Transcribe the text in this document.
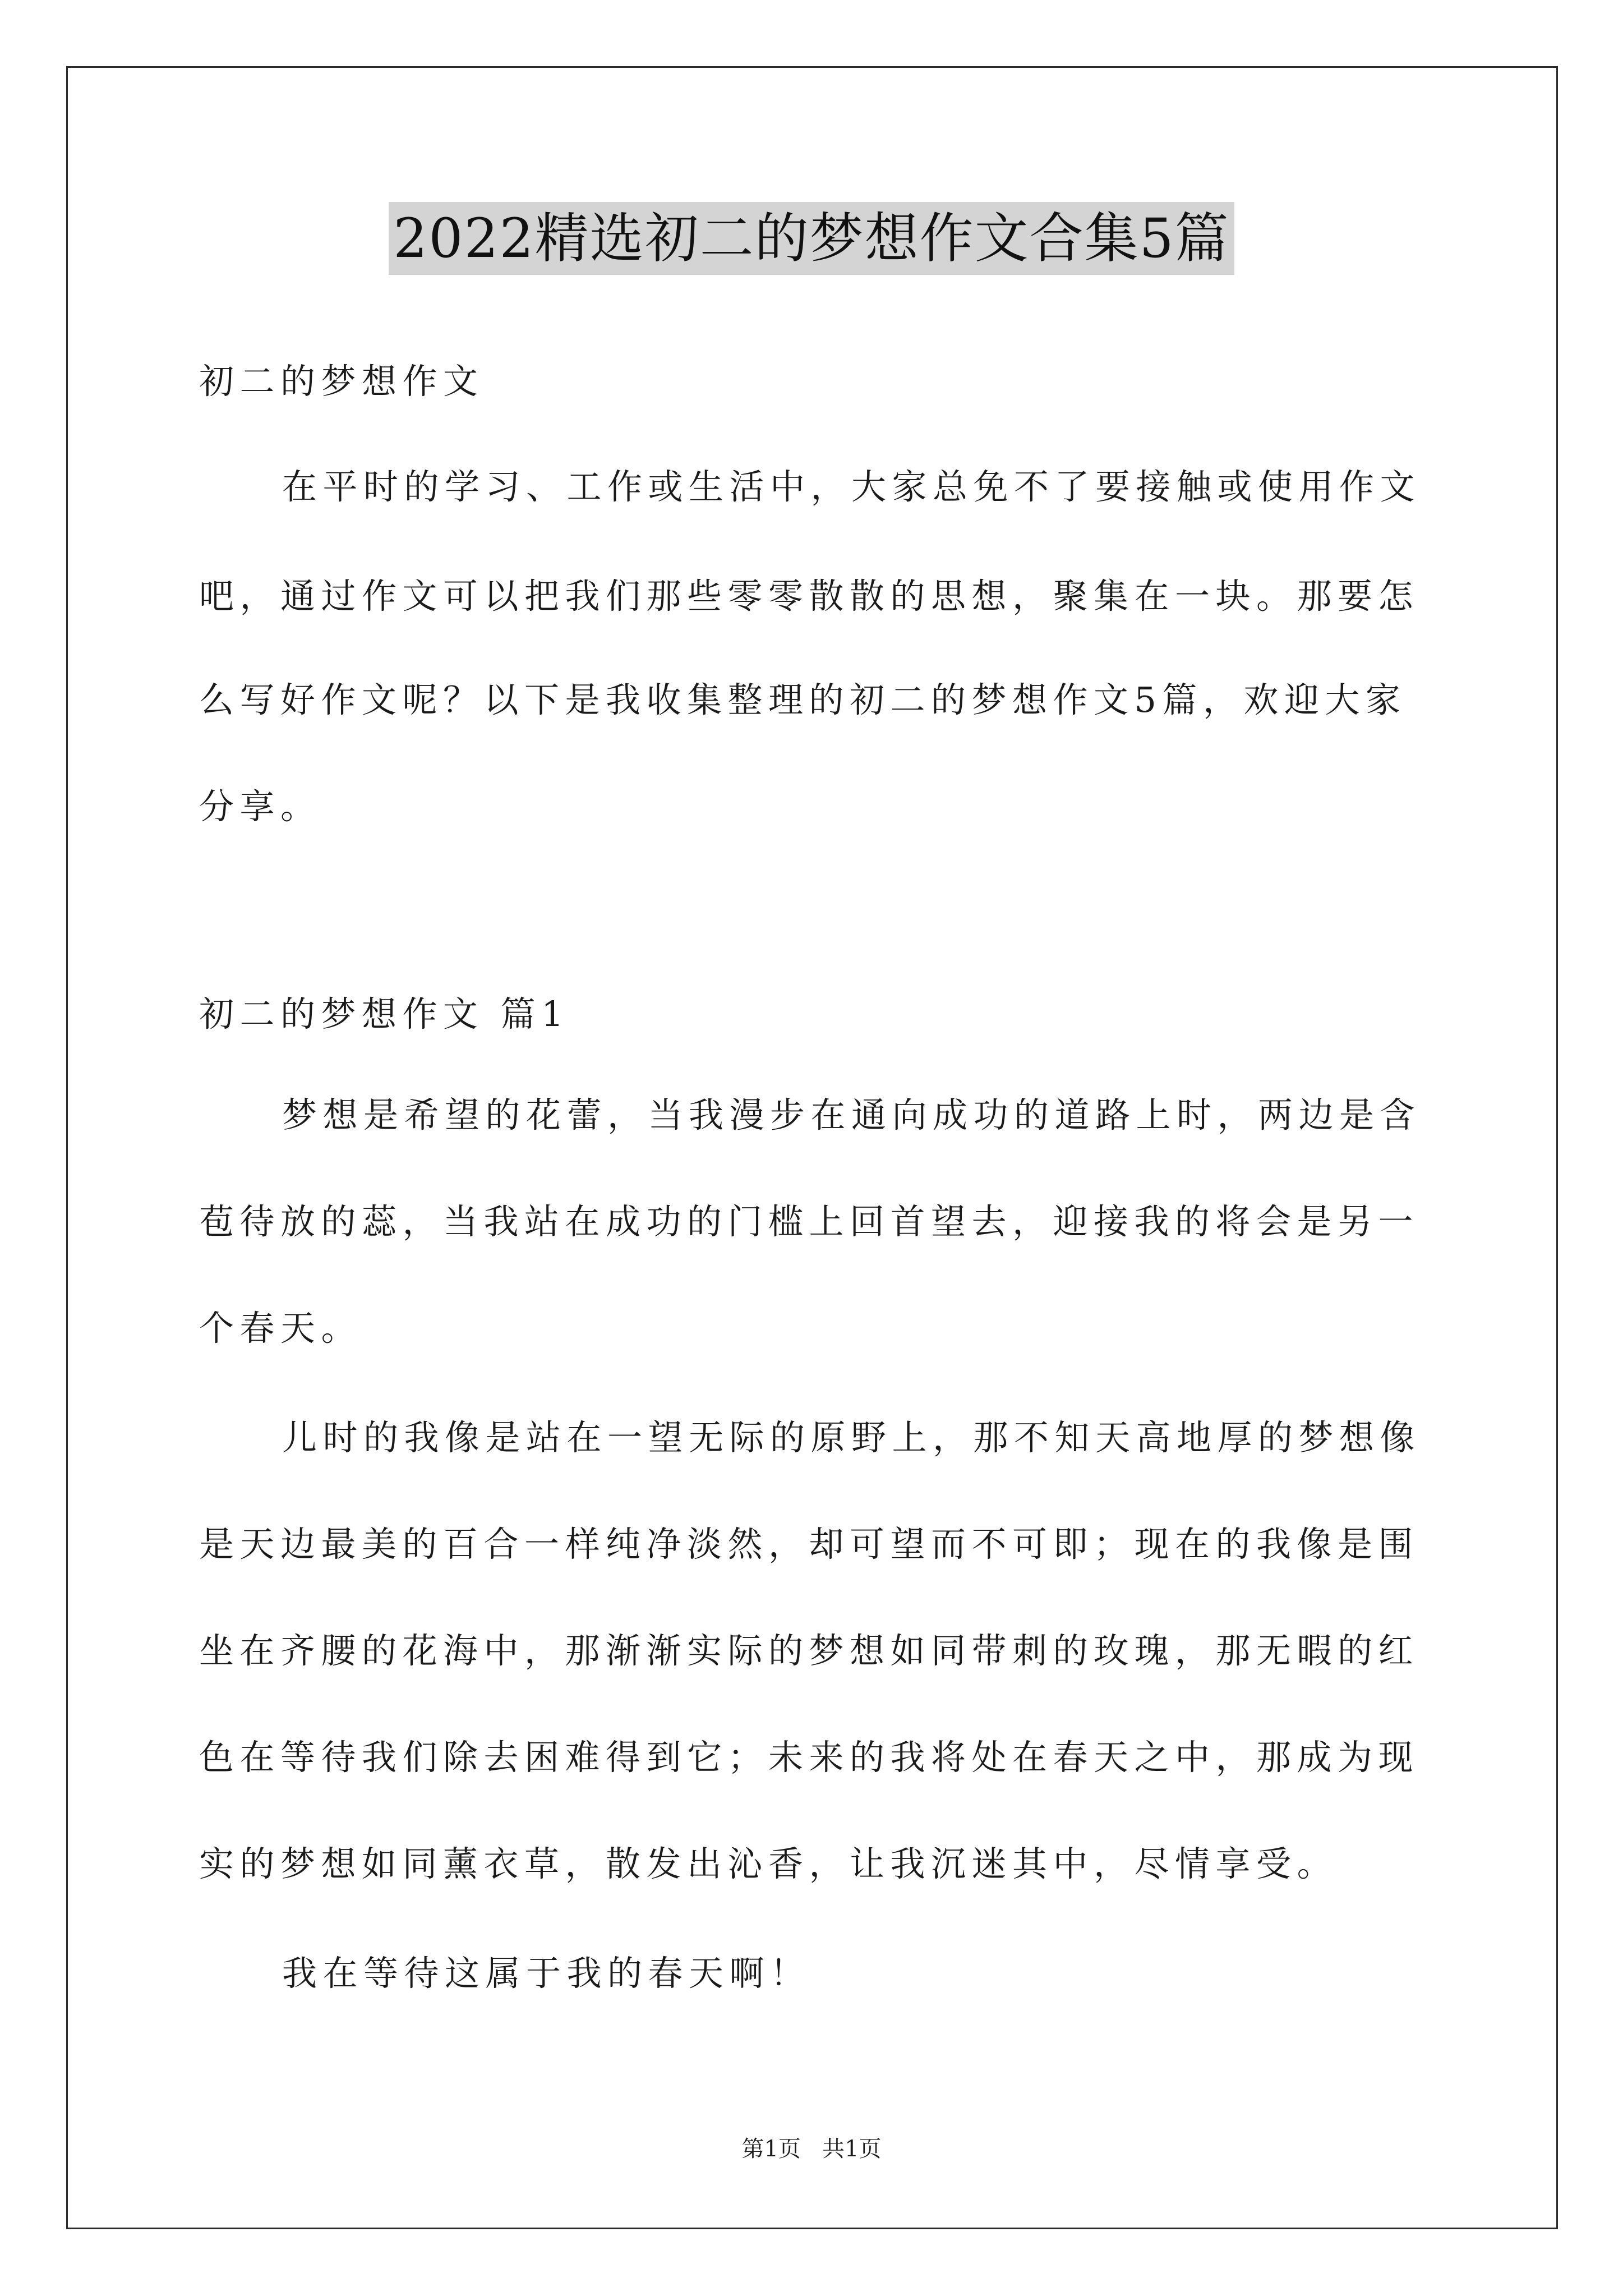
2022精选初二的梦想作文合集5篇
初二的梦想作文
在平时的学习、工作或生活中，大家总免不了要接触或使用作文
吧，通过作文可以把我们那些零零散散的思想，聚集在一块。那要怎
么写好作文呢？以下是我收集整理的初二的梦想作文5篇，欢迎大家
分享。
初二的梦想作文 篇1
梦想是希望的花蕾，当我漫步在通向成功的道路上时，两边是含
苞待放的蕊，当我站在成功的门槛上回首望去，迎接我的将会是另一
个春天。
儿时的我像是站在一望无际的原野上，那不知天高地厚的梦想像
是天边最美的百合一样纯净淡然，却可望而不可即；现在的我像是围
坐在齐腰的花海中，那渐渐实际的梦想如同带刺的玫瑰，那无暇的红
色在等待我们除去困难得到它；未来的我将处在春天之中，那成为现
实的梦想如同薰衣草，散发出沁香，让我沉迷其中，尽情享受。
我在等待这属于我的春天啊！
第1页   共1页
